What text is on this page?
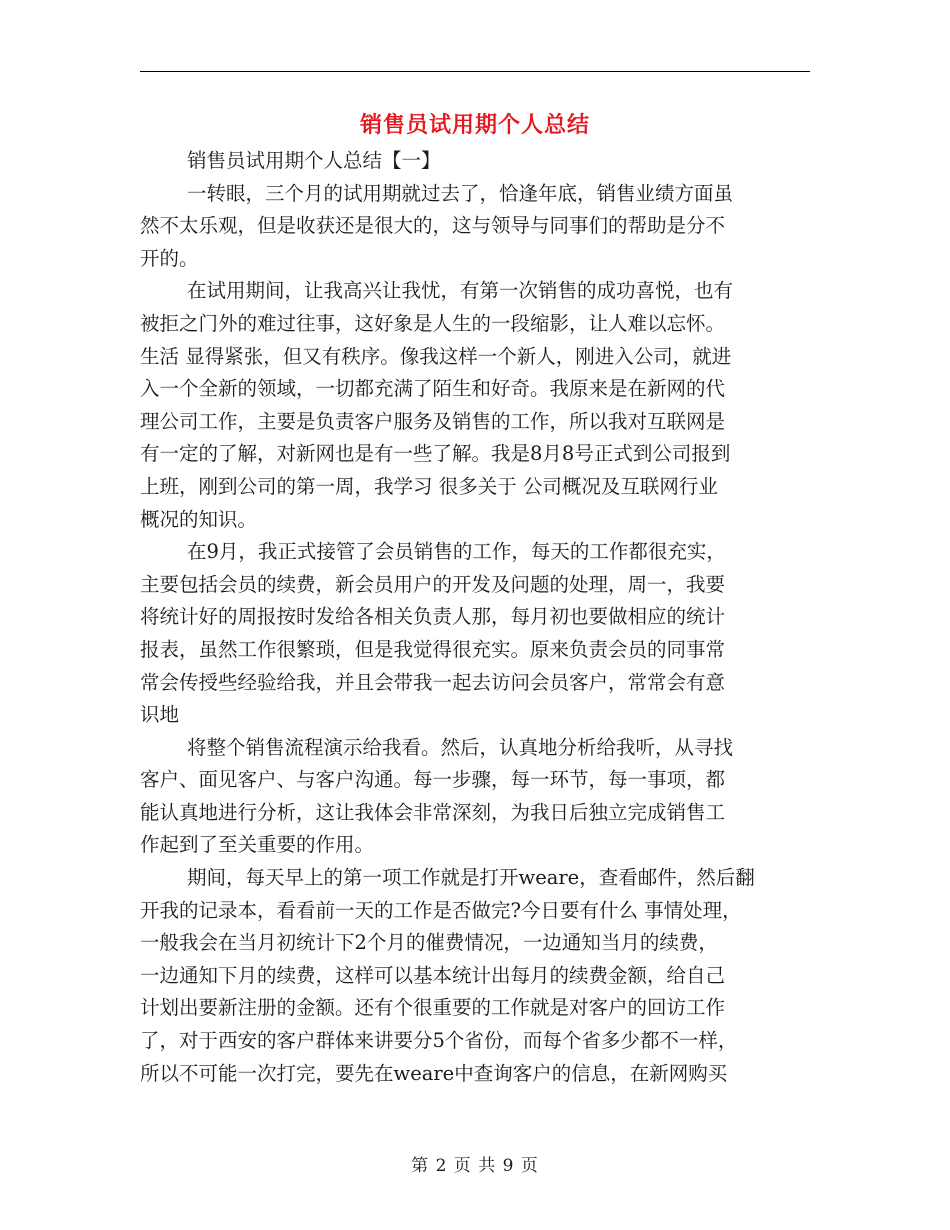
销售员试用期个人总结
销售员试用期个人总结【一】
一转眼，三个月的试用期就过去了，恰逢年底，销售业绩方面虽
然不太乐观，但是收获还是很大的，这与领导与同事们的帮助是分不
开的。
在试用期间，让我高兴让我忧，有第一次销售的成功喜悦，也有
被拒之门外的难过往事，这好象是人生的一段缩影，让人难以忘怀。
生活 显得紧张，但又有秩序。像我这样一个新人，刚进入公司，就进
入一个全新的领域，一切都充满了陌生和好奇。我原来是在新网的代
理公司工作，主要是负责客户服务及销售的工作，所以我对互联网是
有一定的了解，对新网也是有一些了解。我是8月8号正式到公司报到
上班，刚到公司的第一周，我学习 很多关于 公司概况及互联网行业
概况的知识。
在9月，我正式接管了会员销售的工作，每天的工作都很充实，
主要包括会员的续费，新会员用户的开发及问题的处理，周一，我要
将统计好的周报按时发给各相关负责人那，每月初也要做相应的统计
报表，虽然工作很繁琐，但是我觉得很充实。原来负责会员的同事常
常会传授些经验给我，并且会带我一起去访问会员客户，常常会有意
识地
将整个销售流程演示给我看。然后，认真地分析给我听，从寻找
客户、面见客户、与客户沟通。每一步骤，每一环节，每一事项，都
能认真地进行分析，这让我体会非常深刻，为我日后独立完成销售工
作起到了至关重要的作用。
期间，每天早上的第一项工作就是打开weare，查看邮件，然后翻
开我的记录本，看看前一天的工作是否做完?今日要有什么 事情处理，
一般我会在当月初统计下2个月的催费情况，一边通知当月的续费，
一边通知下月的续费，这样可以基本统计出每月的续费金额，给自己
计划出要新注册的金额。还有个很重要的工作就是对客户的回访工作
了，对于西安的客户群体来讲要分5个省份，而每个省多少都不一样，
所以不可能一次打完，要先在weare中查询客户的信息，在新网购买
第 2 页 共 9 页
